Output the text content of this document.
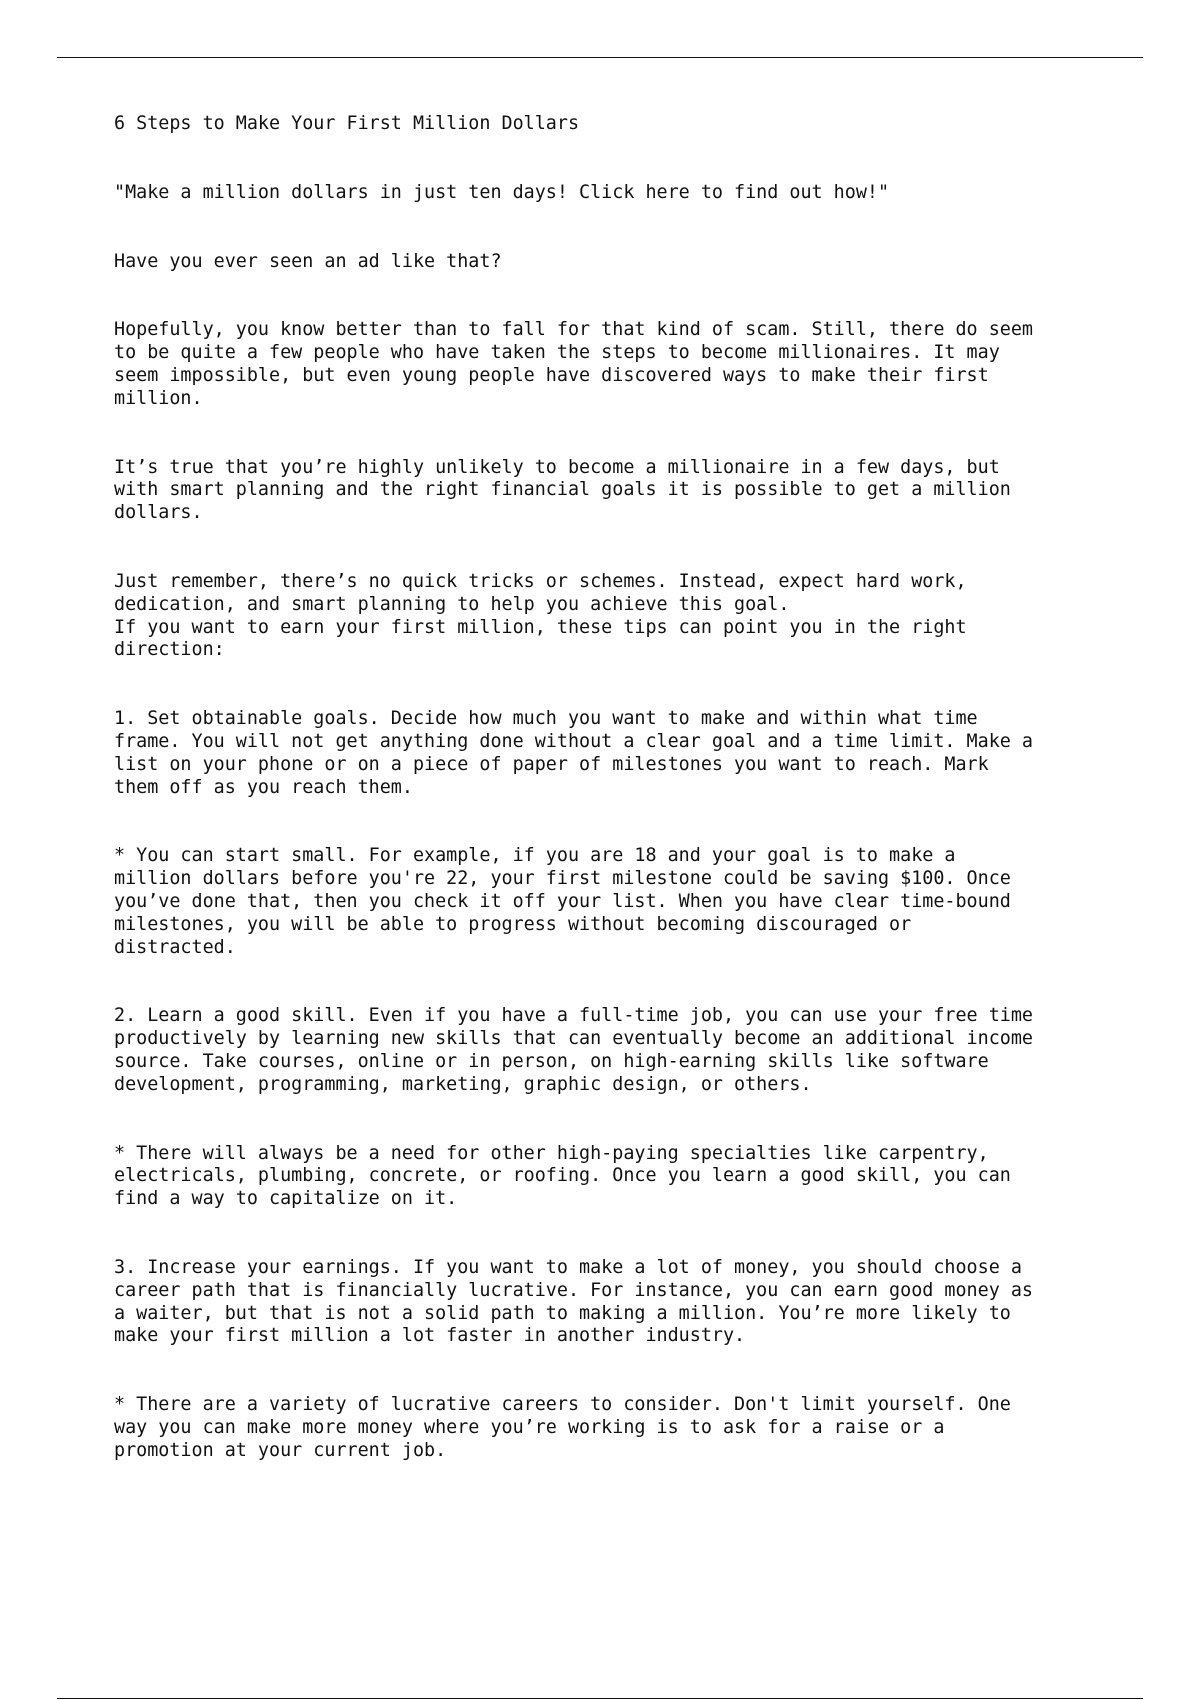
6 Steps to Make Your First Million Dollars

"Make a million dollars in just ten days! Click here to find out how!"

Have you ever seen an ad like that?

Hopefully, you know better than to fall for that kind of scam. Still, there do seem
to be quite a few people who have taken the steps to become millionaires. It may
seem impossible, but even young people have discovered ways to make their first
million.

It’s true that you’re highly unlikely to become a millionaire in a few days, but
with smart planning and the right financial goals it is possible to get a million
dollars.

Just remember, there’s no quick tricks or schemes. Instead, expect hard work,
dedication, and smart planning to help you achieve this goal.
If you want to earn your first million, these tips can point you in the right
direction:

1. Set obtainable goals. Decide how much you want to make and within what time
frame. You will not get anything done without a clear goal and a time limit. Make a
list on your phone or on a piece of paper of milestones you want to reach. Mark
them off as you reach them.

* You can start small. For example, if you are 18 and your goal is to make a
million dollars before you're 22, your first milestone could be saving $100. Once
you’ve done that, then you check it off your list. When you have clear time-bound
milestones, you will be able to progress without becoming discouraged or
distracted.

2. Learn a good skill. Even if you have a full-time job, you can use your free time
productively by learning new skills that can eventually become an additional income
source. Take courses, online or in person, on high-earning skills like software
development, programming, marketing, graphic design, or others.

* There will always be a need for other high-paying specialties like carpentry,
electricals, plumbing, concrete, or roofing. Once you learn a good skill, you can
find a way to capitalize on it.

3. Increase your earnings. If you want to make a lot of money, you should choose a
career path that is financially lucrative. For instance, you can earn good money as
a waiter, but that is not a solid path to making a million. You’re more likely to
make your first million a lot faster in another industry.

* There are a variety of lucrative careers to consider. Don't limit yourself. One
way you can make more money where you’re working is to ask for a raise or a
promotion at your current job.
